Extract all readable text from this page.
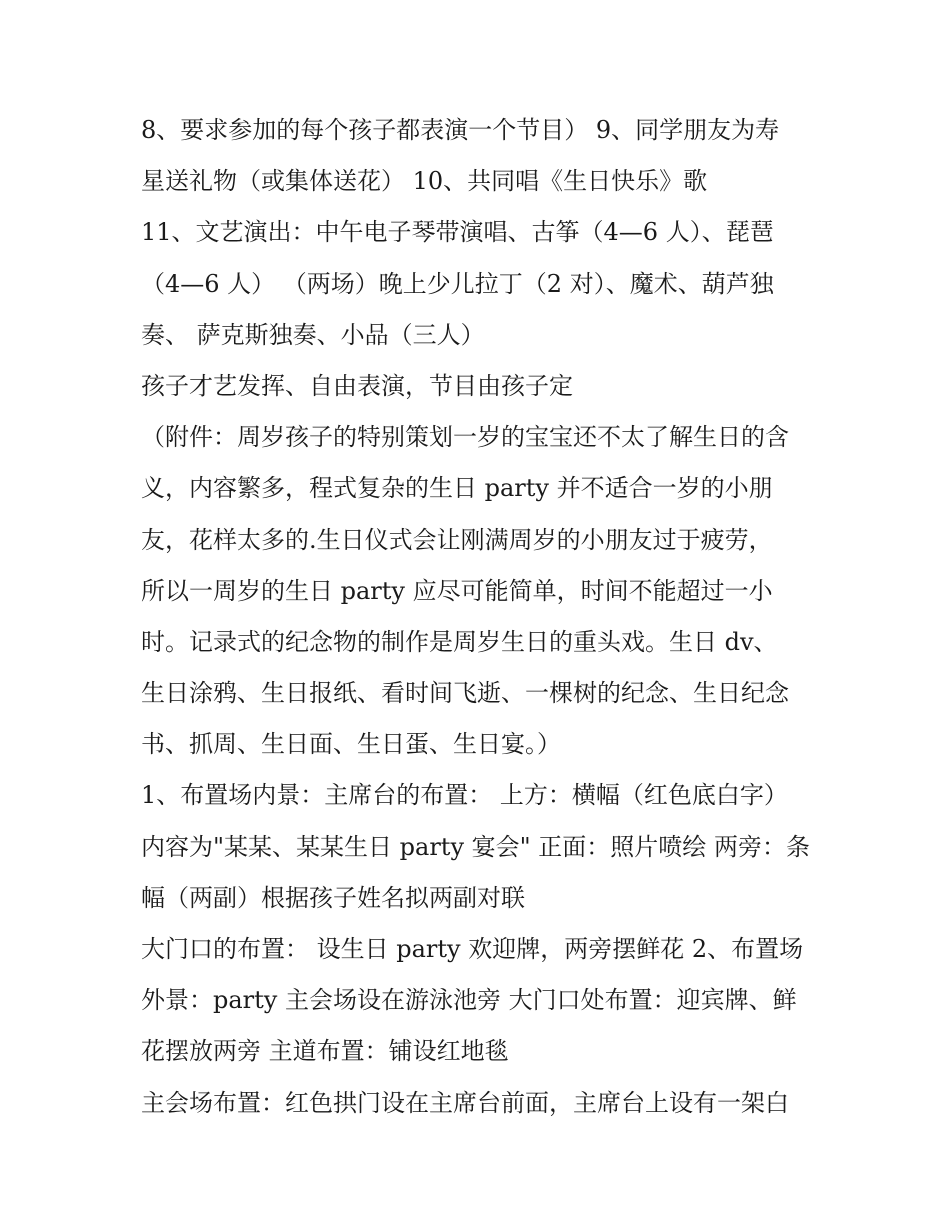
8、要求参加的每个孩子都表演一个节目） 9、同学朋友为寿
星送礼物（或集体送花） 10、共同唱《生日快乐》歌
11、文艺演出：中午电子琴带演唱、古筝（4—6 人）、琵琶
（4—6 人） （两场）晚上少儿拉丁（2 对）、魔术、葫芦独
奏、 萨克斯独奏、小品（三人）
孩子才艺发挥、自由表演，节目由孩子定
（附件：周岁孩子的特别策划一岁的宝宝还不太了解生日的含
义，内容繁多，程式复杂的生日 party 并不适合一岁的小朋
友，花样太多的.生日仪式会让刚满周岁的小朋友过于疲劳，
所以一周岁的生日 party 应尽可能简单，时间不能超过一小
时。记录式的纪念物的制作是周岁生日的重头戏。生日 dv、
生日涂鸦、生日报纸、看时间飞逝、一棵树的纪念、生日纪念
书、抓周、生日面、生日蛋、生日宴。）
1、布置场内景：主席台的布置： 上方：横幅（红色底白字）
内容为"某某、某某生日 party 宴会" 正面：照片喷绘 两旁：条
幅（两副）根据孩子姓名拟两副对联
大门口的布置： 设生日 party 欢迎牌，两旁摆鲜花 2、布置场
外景：party 主会场设在游泳池旁 大门口处布置：迎宾牌、鲜
花摆放两旁 主道布置：铺设红地毯
主会场布置：红色拱门设在主席台前面，主席台上设有一架白
